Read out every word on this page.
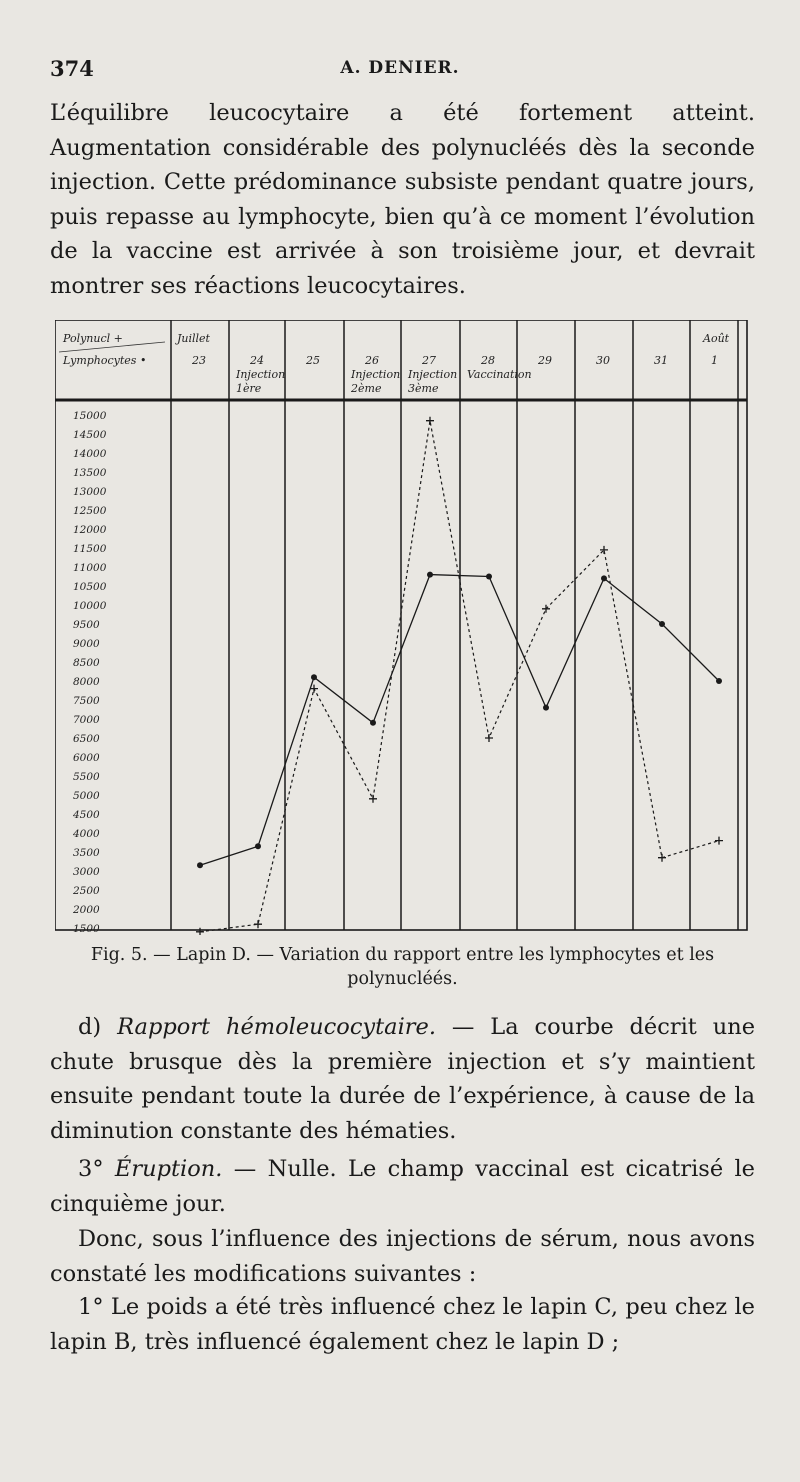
374	A. DENIER.

L’équilibre leucocytaire a été fortement atteint. Augmentation considérable des polynucléés dès la seconde injection. Cette prédominance subsiste pendant quatre jours, puis repasse au lymphocyte, bien qu’à ce moment l’évolution de la vaccine est arrivée à son troisième jour, et devrait montrer ses réactions leucocytaires.

Polynucl +
Lymphocytes •
Juillet	Août
23	24
Injection
1ère
25	26
Injection
2ème
27
Injection
3ème
28
Vaccination
29	30	31	1
15000
14500
14000
13500
13000
12500
12000
11500
11000
10500
10000
9500
9000
8500
8000
7500
7000
6500
6000
5500
5000
4500
4000
3500
3000
2500
2000
1500
Fig. 5. — Lapin D. — Variation du rapport entre les lymphocytes et les polynucléés.

d) Rapport hémoleucocytaire. — La courbe décrit une chute brusque dès la première injection et s’y maintient ensuite pendant toute la durée de l’expérience, à cause de la diminution constante des hématies.

3° Éruption. — Nulle. Le champ vaccinal est cicatrisé le cinquième jour.

Donc, sous l’influence des injections de sérum, nous avons constaté les modifications suivantes :

1° Le poids a été très influencé chez le lapin C, peu chez le lapin B, très influencé également chez le lapin D ;
